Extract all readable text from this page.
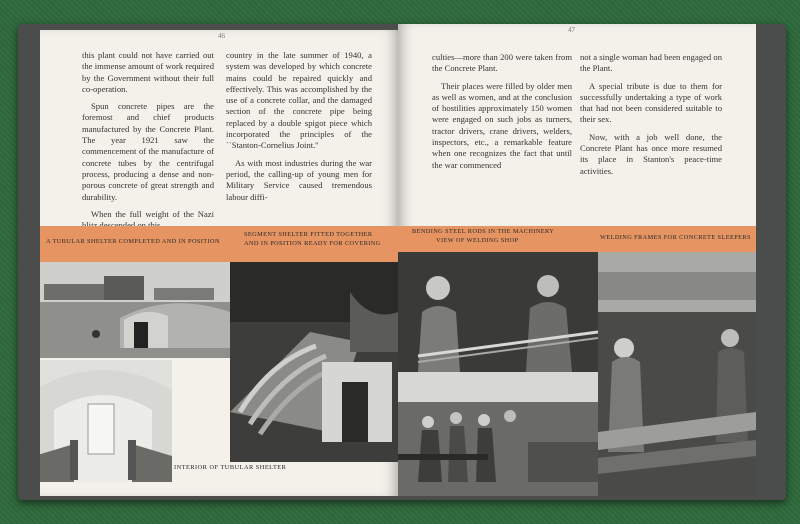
46

this plant could not have carried out the immense amount of work required by the Government without their full co-operation.

Spun concrete pipes are the foremost and chief products manufactured by the Concrete Plant. The year 1921 saw the commencement of the manufacture of concrete tubes by the centrifugal process, producing a dense and non-porous concrete of great strength and durability.

When the full weight of the Nazi

country in the late summer of 1940, a system was developed by which concrete mains could be repaired quickly and effectively. This was accomplished by the use of a concrete collar, and the damaged section of the concrete pipe being replaced by a double spigot piece which incorporated the principles of the ``Stanton-Cornelius Joint.''

As with most industries during the war period, the calling-up of young men for Military Service caused tremendous labour diffi-

A TUBULAR SHELTER COMPLETED AND IN POSITION
SEGMENT SHELTER FITTED TOGETHER
AND IN POSITION READY FOR COVERING
INTERIOR OF TUBULAR SHELTER
47

culties—more than 200 were taken from the Concrete Plant.

Their places were filled by older men as well as women, and at the conclusion of hostilities approximately 150 women were engaged on such jobs as turners, tractor drivers, crane drivers, welders, inspectors, etc., a remarkable feature when one recognizes the fact that until the war commenced

not a single woman had been engaged on the Plant.

A special tribute is due to them for successfully undertaking a type of work that had not been considered suitable to their sex.

Now, with a job well done, the Concrete Plant has once more resumed its place in Stanton's peace-time activities.

BENDING STEEL RODS IN THE MACHINERY
VIEW OF WELDING SHOP	WELDING FRAMES FOR CONCRETE SLEEPERS
